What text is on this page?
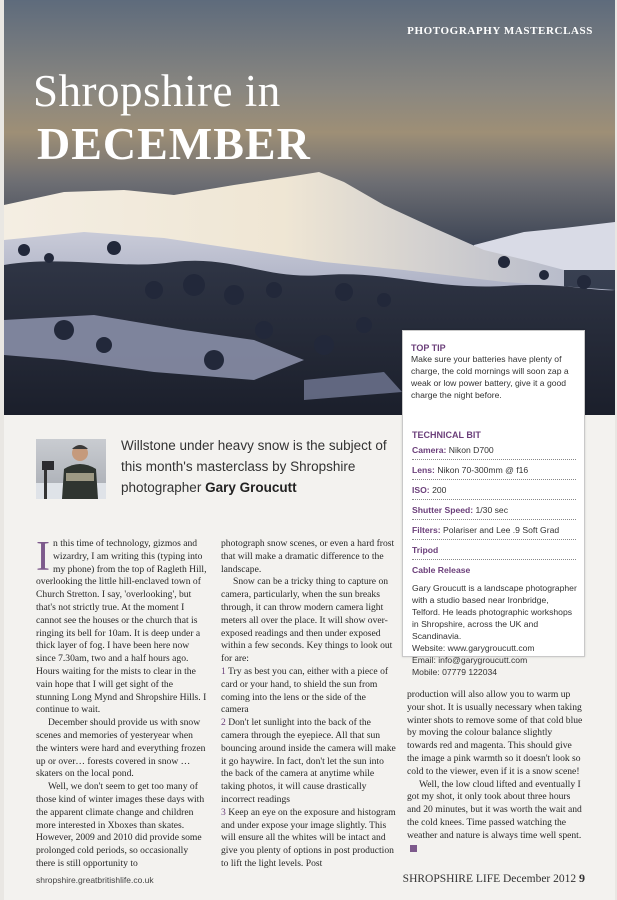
PHOTOGRAPHY MASTERCLASS
Shropshire in
DECEMBER
TOP TIP
Make sure your batteries have plenty of charge, the cold mornings will soon zap a weak or low power battery, give it a good charge the night before.
TECHNICAL BIT
Camera: Nikon D700
Lens: Nikon 70-300mm @ f16
ISO: 200
Shutter Speed: 1/30 sec
Filters: Polariser and Lee .9 Soft Grad
Tripod
Cable Release
Gary Groucutt is a landscape photographer with a studio based near Ironbridge, Telford. He leads photographic workshops in Shropshire, across the UK and Scandinavia.
Website: www.garygroucutt.com
Email: info@garygroucutt.com
Mobile: 07779 122034
Willstone under heavy snow is the subject of this month's masterclass by Shropshire photographer Gary Groucutt

In this time of technology, gizmos and wizardry, I am writing this (typing into my phone) from the top of Ragleth Hill, overlooking the little hill-enclaved town of Church Stretton. I say, 'overlooking', but that's not strictly true. At the moment I cannot see the houses or the church that is ringing its bell for 10am. It is deep under a thick layer of fog. I have been here now since 7.30am, two and a half hours ago. Hours waiting for the mists to clear in the vain hope that I will get sight of the stunning Long Mynd and Shropshire Hills. I continue to wait.

December should provide us with snow scenes and memories of yesteryear when the winters were hard and everything frozen up or over… forests covered in snow … skaters on the local pond.

Well, we don't seem to get too many of those kind of winter images these days with the apparent climate change and children more interested in Xboxes than skates. However, 2009 and 2010 did provide some prolonged cold periods, so occasionally there is still opportunity to

photograph snow scenes, or even a hard frost that will make a dramatic difference to the landscape.

Snow can be a tricky thing to capture on camera, particularly, when the sun breaks through, it can throw modern camera light meters all over the place. It will show over-exposed readings and then under exposed within a few seconds. Key things to look out for are:

1 Try as best you can, either with a piece of card or your hand, to shield the sun from coming into the lens or the side of the camera

2 Don't let sunlight into the back of the camera through the eyepiece. All that sun bouncing around inside the camera will make it go haywire. In fact, don't let the sun into the back of the camera at anytime while taking photos, it will cause drastically incorrect readings

3 Keep an eye on the exposure and histogram and under expose your image slightly. This will ensure all the whites will be intact and give you plenty of options in post production to lift the light levels. Post

production will also allow you to warm up your shot. It is usually necessary when taking winter shots to remove some of that cold blue by moving the colour balance slightly towards red and magenta. This should give the image a pink warmth so it doesn't look so cold to the viewer, even if it is a snow scene!

Well, the low cloud lifted and eventually I got my shot, it only took about three hours and 20 minutes, but it was worth the wait and the cold knees. Time passed watching the weather and nature is always time well spent.

shropshire.greatbritishlife.co.uk	SHROPSHIRE LIFE December 2012 9
